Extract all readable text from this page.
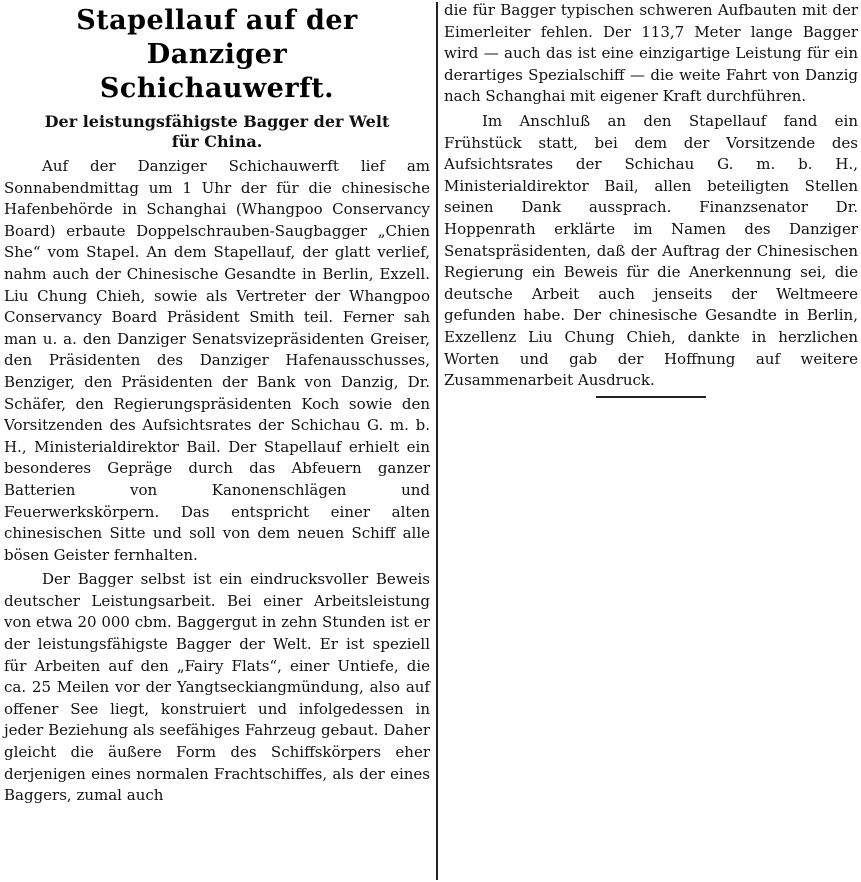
Stapellauf auf der Danziger
Schichauwerft.
Der leistungsfähigste Bagger der Welt
für China.

Auf der Danziger Schichauwerft lief am Sonnabendmittag um 1 Uhr der für die chinesische Hafenbehörde in Schanghai (Whangpoo Conservancy Board) erbaute Doppelschrauben-Saugbagger „Chien She“ vom Stapel. An dem Stapellauf, der glatt verlief, nahm auch der Chinesische Gesandte in Berlin, Exzell. Liu Chung Chieh, sowie als Vertreter der Whangpoo Conservancy Board Präsident Smith teil. Ferner sah man u. a. den Danziger Senatsvizepräsidenten Greiser, den Präsidenten des Danziger Hafenausschusses, Benziger, den Präsidenten der Bank von Danzig, Dr. Schäfer, den Regierungspräsidenten Koch sowie den Vorsitzenden des Aufsichtsrates der Schichau G. m. b. H., Ministerialdirektor Bail. Der Stapellauf erhielt ein besonderes Gepräge durch das Abfeuern ganzer Batterien von Kanonenschlägen und Feuerwerkskörpern. Das entspricht einer alten chinesischen Sitte und soll von dem neuen Schiff alle bösen Geister fernhalten.

Der Bagger selbst ist ein eindrucksvoller Beweis deutscher Leistungsarbeit. Bei einer Arbeitsleistung von etwa 20 000 cbm. Baggergut in zehn Stunden ist er der leistungsfähigste Bagger der Welt. Er ist speziell für Arbeiten auf den „Fairy Flats“, einer Untiefe, die ca. 25 Meilen vor der Yangtseckiangmündung, also auf offener See liegt, konstruiert und infolgedessen in jeder Beziehung als seefähiges Fahrzeug gebaut. Daher gleicht die äußere Form des Schiffskörpers eher derjenigen eines normalen Frachtschiffes, als der eines Baggers, zumal auch

die für Bagger typischen schweren Aufbauten mit der Eimerleiter fehlen. Der 113,7 Meter lange Bagger wird — auch das ist eine einzigartige Leistung für ein derartiges Spezialschiff — die weite Fahrt von Danzig nach Schanghai mit eigener Kraft durchführen.

Im Anschluß an den Stapellauf fand ein Frühstück statt, bei dem der Vorsitzende des Aufsichtsrates der Schichau G. m. b. H., Ministerialdirektor Bail, allen beteiligten Stellen seinen Dank aussprach. Finanzsenator Dr. Hoppenrath erklärte im Namen des Danziger Senatspräsidenten, daß der Auftrag der Chinesischen Regierung ein Beweis für die Anerkennung sei, die deutsche Arbeit auch jenseits der Weltmeere gefunden habe. Der chinesische Gesandte in Berlin, Exzellenz Liu Chung Chieh, dankte in herzlichen Worten und gab der Hoffnung auf weitere Zusammenarbeit Ausdruck.
